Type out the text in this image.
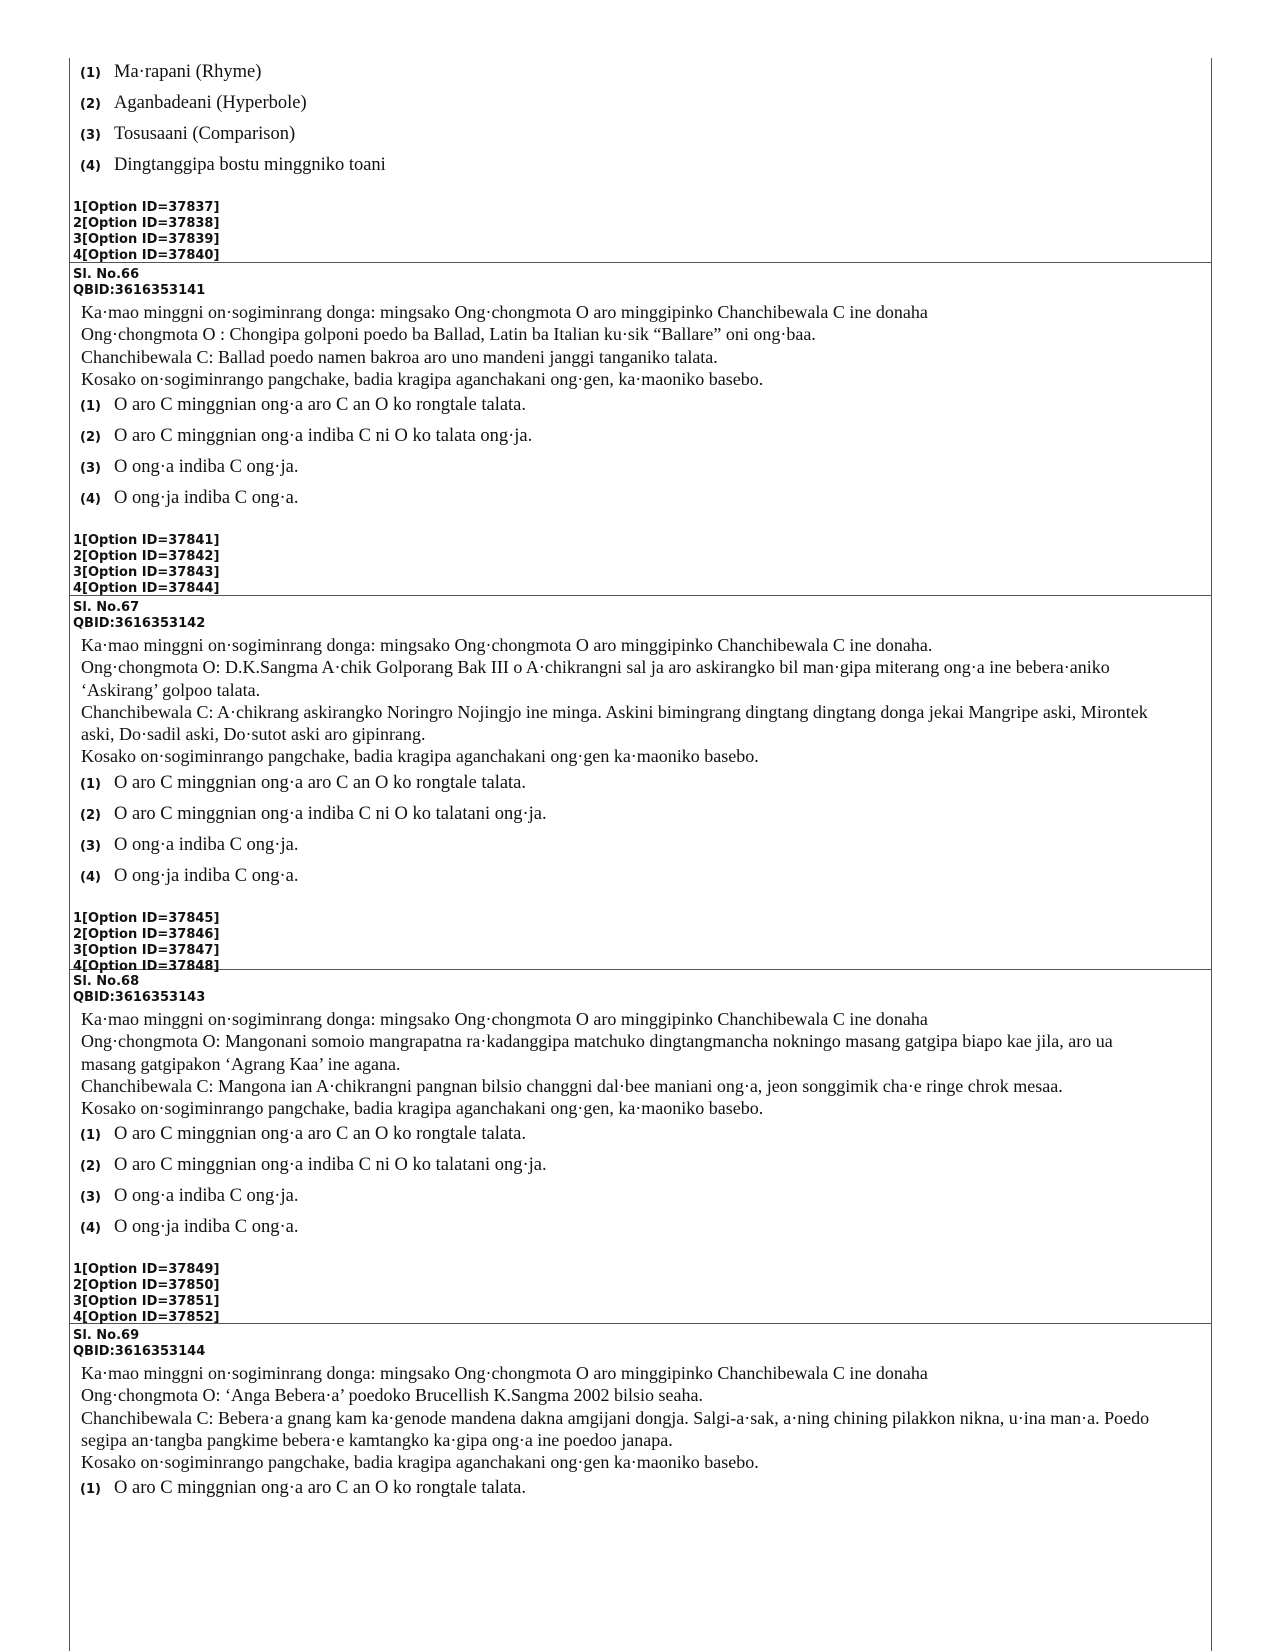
(1) Ma·rapani (Rhyme)
(2) Aganbadeani (Hyperbole)
(3) Tosusaani (Comparison)
(4) Dingtanggipa bostu minggniko toani
1[Option ID=37837]
2[Option ID=37838]
3[Option ID=37839]
4[Option ID=37840]
Sl. No.66
QBID:3616353141
Ka·mao minggni on·sogiminrang donga: mingsako Ong·chongmota O aro minggipinko Chanchibewala C ine donaha
Ong·chongmota O : Chongipa golponi poedo ba Ballad, Latin ba Italian ku·sik “Ballare” oni ong·baa.
Chanchibewala C: Ballad poedo namen bakroa aro uno mandeni janggi tanganiko talata.
Kosako on·sogiminrango pangchake, badia kragipa aganchakani ong·gen, ka·maoniko basebo.
(1) O aro C minggnian ong·a aro C an O ko rongtale talata.
(2) O aro C minggnian ong·a indiba C ni O ko talata ong·ja.
(3) O ong·a indiba C ong·ja.
(4) O ong·ja indiba C ong·a.
1[Option ID=37841]
2[Option ID=37842]
3[Option ID=37843]
4[Option ID=37844]
Sl. No.67
QBID:3616353142
Ka·mao minggni on·sogiminrang donga: mingsako Ong·chongmota O aro minggipinko Chanchibewala C ine donaha.
Ong·chongmota O: D.K.Sangma A·chik Golporang Bak III o A·chikrangni sal ja aro askirangko bil man·gipa miterang ong·a ine bebera·aniko ‘Askirang’ golpoo talata.
Chanchibewala C: A·chikrang askirangko Noringro Nojingjo ine minga. Askini bimingrang dingtang dingtang donga jekai Mangripe aski, Mirontek aski, Do·sadil aski, Do·sutot aski aro gipinrang.
Kosako on·sogiminrango pangchake, badia kragipa aganchakani ong·gen ka·maoniko basebo.
(1) O aro C minggnian ong·a aro C an O ko rongtale talata.
(2) O aro C minggnian ong·a indiba C ni O ko talatani ong·ja.
(3) O ong·a indiba C ong·ja.
(4) O ong·ja indiba C ong·a.
1[Option ID=37845]
2[Option ID=37846]
3[Option ID=37847]
4[Option ID=37848]
Sl. No.68
QBID:3616353143
Ka·mao minggni on·sogiminrang donga: mingsako Ong·chongmota O aro minggipinko Chanchibewala C ine donaha
Ong·chongmota O: Mangonani somoio mangrapatna ra·kadanggipa matchuko dingtangmancha nokningo masang gatgipa biapo kae jila, aro ua masang gatgipakon ‘Agrang Kaa’ ine agana.
Chanchibewala C: Mangona ian A·chikrangni pangnan bilsio changgni dal·bee maniani ong·a, jeon songgimik cha·e ringe chrok mesaa.
Kosako on·sogiminrango pangchake, badia kragipa aganchakani ong·gen, ka·maoniko basebo.
(1) O aro C minggnian ong·a aro C an O ko rongtale talata.
(2) O aro C minggnian ong·a indiba C ni O ko talatani ong·ja.
(3) O ong·a indiba C ong·ja.
(4) O ong·ja indiba C ong·a.
1[Option ID=37849]
2[Option ID=37850]
3[Option ID=37851]
4[Option ID=37852]
Sl. No.69
QBID:3616353144
Ka·mao minggni on·sogiminrang donga: mingsako Ong·chongmota O aro minggipinko Chanchibewala C ine donaha
Ong·chongmota O: ‘Anga Bebera·a’ poedoko Brucellish K.Sangma 2002 bilsio seaha.
Chanchibewala C: Bebera·a gnang kam ka·genode mandena dakna amgijani dongja. Salgi-a·sak, a·ning chining pilakkon nikna, u·ina man·a. Poedo segipa an·tangba pangkime bebera·e kamtangko ka·gipa ong·a ine poedoo janapa.
Kosako on·sogiminrango pangchake, badia kragipa aganchakani ong·gen ka·maoniko basebo.
(1) O aro C minggnian ong·a aro C an O ko rongtale talata.
